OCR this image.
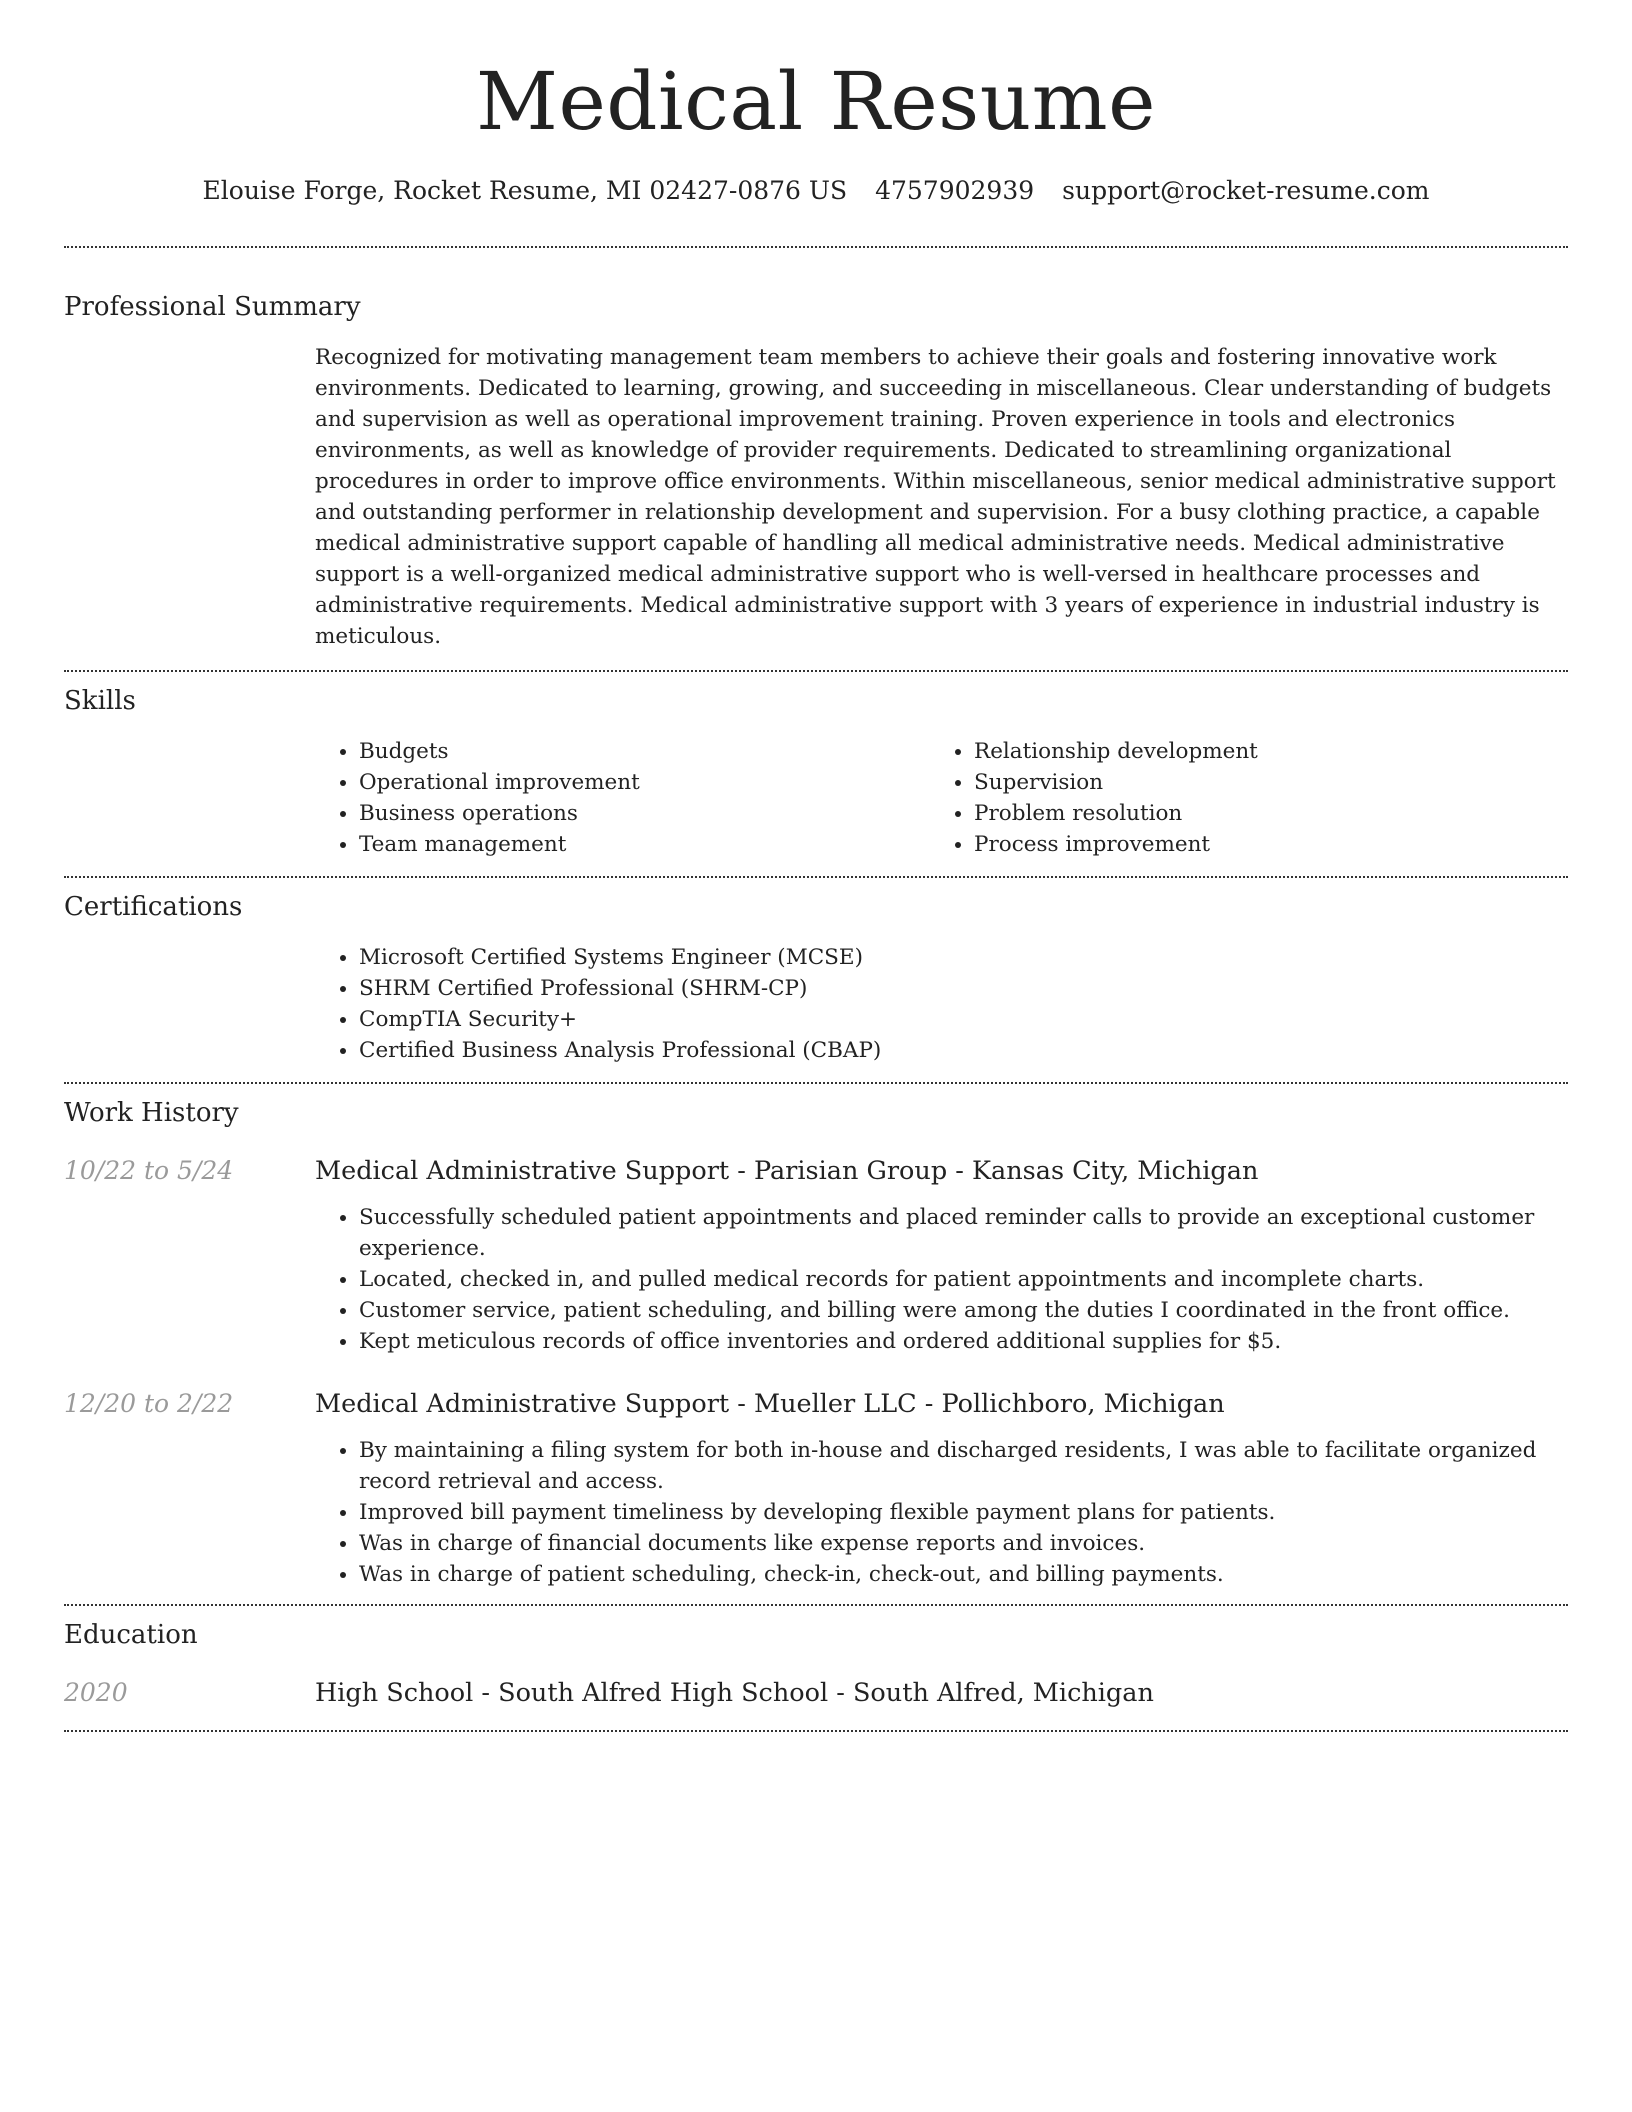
Medical Resume
Elouise Forge, Rocket Resume, MI 02427-0876 US 4757902939 support@rocket-resume.com
Professional Summary
Recognized for motivating management team members to achieve their goals and fostering innovative work environments. Dedicated to learning, growing, and succeeding in miscellaneous. Clear understanding of budgets and supervision as well as operational improvement training. Proven experience in tools and electronics environments, as well as knowledge of provider requirements. Dedicated to streamlining organizational procedures in order to improve office environments. Within miscellaneous, senior medical administrative support and outstanding performer in relationship development and supervision. For a busy clothing practice, a capable medical administrative support capable of handling all medical administrative needs. Medical administrative support is a well-organized medical administrative support who is well-versed in healthcare processes and administrative requirements. Medical administrative support with 3 years of experience in industrial industry is meticulous.
Skills
• Budgets
• Operational improvement
• Business operations
• Team management
• Relationship development
• Supervision
• Problem resolution
• Process improvement
Certifications
• Microsoft Certified Systems Engineer (MCSE)
• SHRM Certified Professional (SHRM-CP)
• CompTIA Security+
• Certified Business Analysis Professional (CBAP)
Work History
10/22 to 5/24	Medical Administrative Support - Parisian Group - Kansas City, Michigan
• Successfully scheduled patient appointments and placed reminder calls to provide an exceptional customer experience.
• Located, checked in, and pulled medical records for patient appointments and incomplete charts.
• Customer service, patient scheduling, and billing were among the duties I coordinated in the front office.
• Kept meticulous records of office inventories and ordered additional supplies for $5.
12/20 to 2/22	Medical Administrative Support - Mueller LLC - Pollichboro, Michigan
• By maintaining a filing system for both in-house and discharged residents, I was able to facilitate organized record retrieval and access.
• Improved bill payment timeliness by developing flexible payment plans for patients.
• Was in charge of financial documents like expense reports and invoices.
• Was in charge of patient scheduling, check-in, check-out, and billing payments.
Education
2020	High School - South Alfred High School - South Alfred, Michigan
